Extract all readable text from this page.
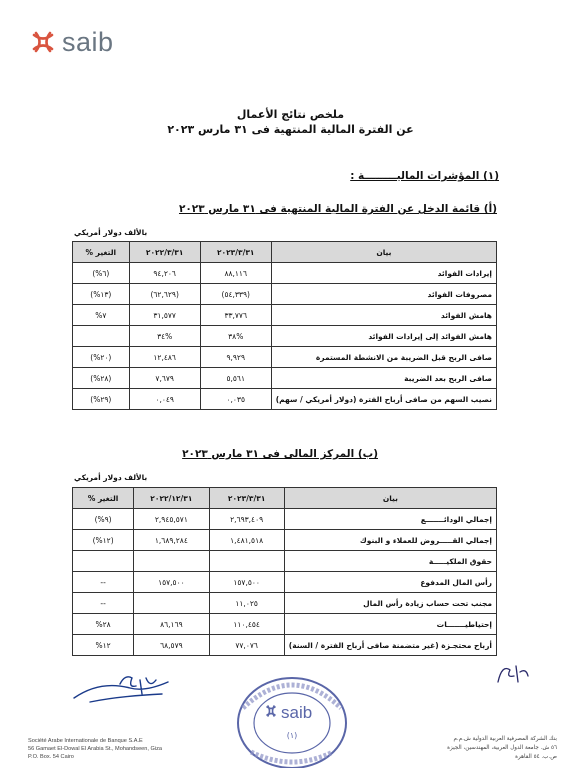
saib
ملخص نتائج الأعمال
عن الفترة المالية المنتهية فى ٣١ مارس ٢٠٢٣
(١) المؤشرات الماليـــــــــة :
(أ) قائمة الدخل عن الفترة المالية المنتهية فى ٣١ مارس ٢٠٢٣
بالألف دولار أمريكي
بيان	٢٠٢٣/٣/٣١	٢٠٢٢/٣/٣١	التغير %
إيرادات الفوائد	٨٨,١١٦	٩٤,٢٠٦	(%٦)
مصروفات الفوائد	(٥٤,٣٣٩)	(٦٢,٦٢٩)	(%١٣)
هامش الفوائد	٣٣,٧٧٦	٣١,٥٧٧	%٧
هامش الفوائد إلى إيرادات الفوائد	%٣٨	%٣٤	
صافى الربح قبل الضريبة من الانشطة المستمرة	٩,٩٢٩	١٢,٤٨٦	(%٢٠)
صافى الربح بعد الضريبة	٥,٥٦١	٧,٦٧٩	(%٢٨)
نصيب السهم من صافى أرباح الفترة (دولار أمريكي / سهم)	٠,٠٣٥	٠,٠٤٩	(%٢٩)
(ب) المركز المالى فى ٣١ مارس ٢٠٢٣
بالألف دولار أمريكي
بيان	٢٠٢٣/٣/٣١	٢٠٢٢/١٢/٣١	التغير %
إجمالي الودائـــــــع	٢,٦٩٣,٤٠٩	٢,٩٤٥,٥٧١	(%٩)
إجمالي القـــــروض للعملاء و البنوك	١,٤٨١,٥١٨	١,٦٨٩,٢٨٤	(%١٢)
حقوق الملكيـــــة			
رأس المال المدفوع	١٥٧,٥٠٠	١٥٧,٥٠٠	--
مجنب تحت حساب زيادة رأس المال	١١,٠٢٥		--
إحتياطيـــــــات	١١٠,٤٥٤	٨٦,١٦٩	%٢٨
أرباح محتجـزة (غير متضمنة صافى أرباح الفترة / السنة)	٧٧,٠٧٦	٦٨,٥٧٩	%١٢
saib
(١)
Société Arabe Internationale de Banque S.A.E
56 Gamaet El-Dowal El Arabia St., Mohandseen, Giza
P.O. Box. 54 Cairo
بنك الشركة المصرفية العربية الدولية ش.م.م
٥٦ ش. جامعة الدول العربية، المهندسين، الجيزة
ص.ب. ٥٤ القاهرة
